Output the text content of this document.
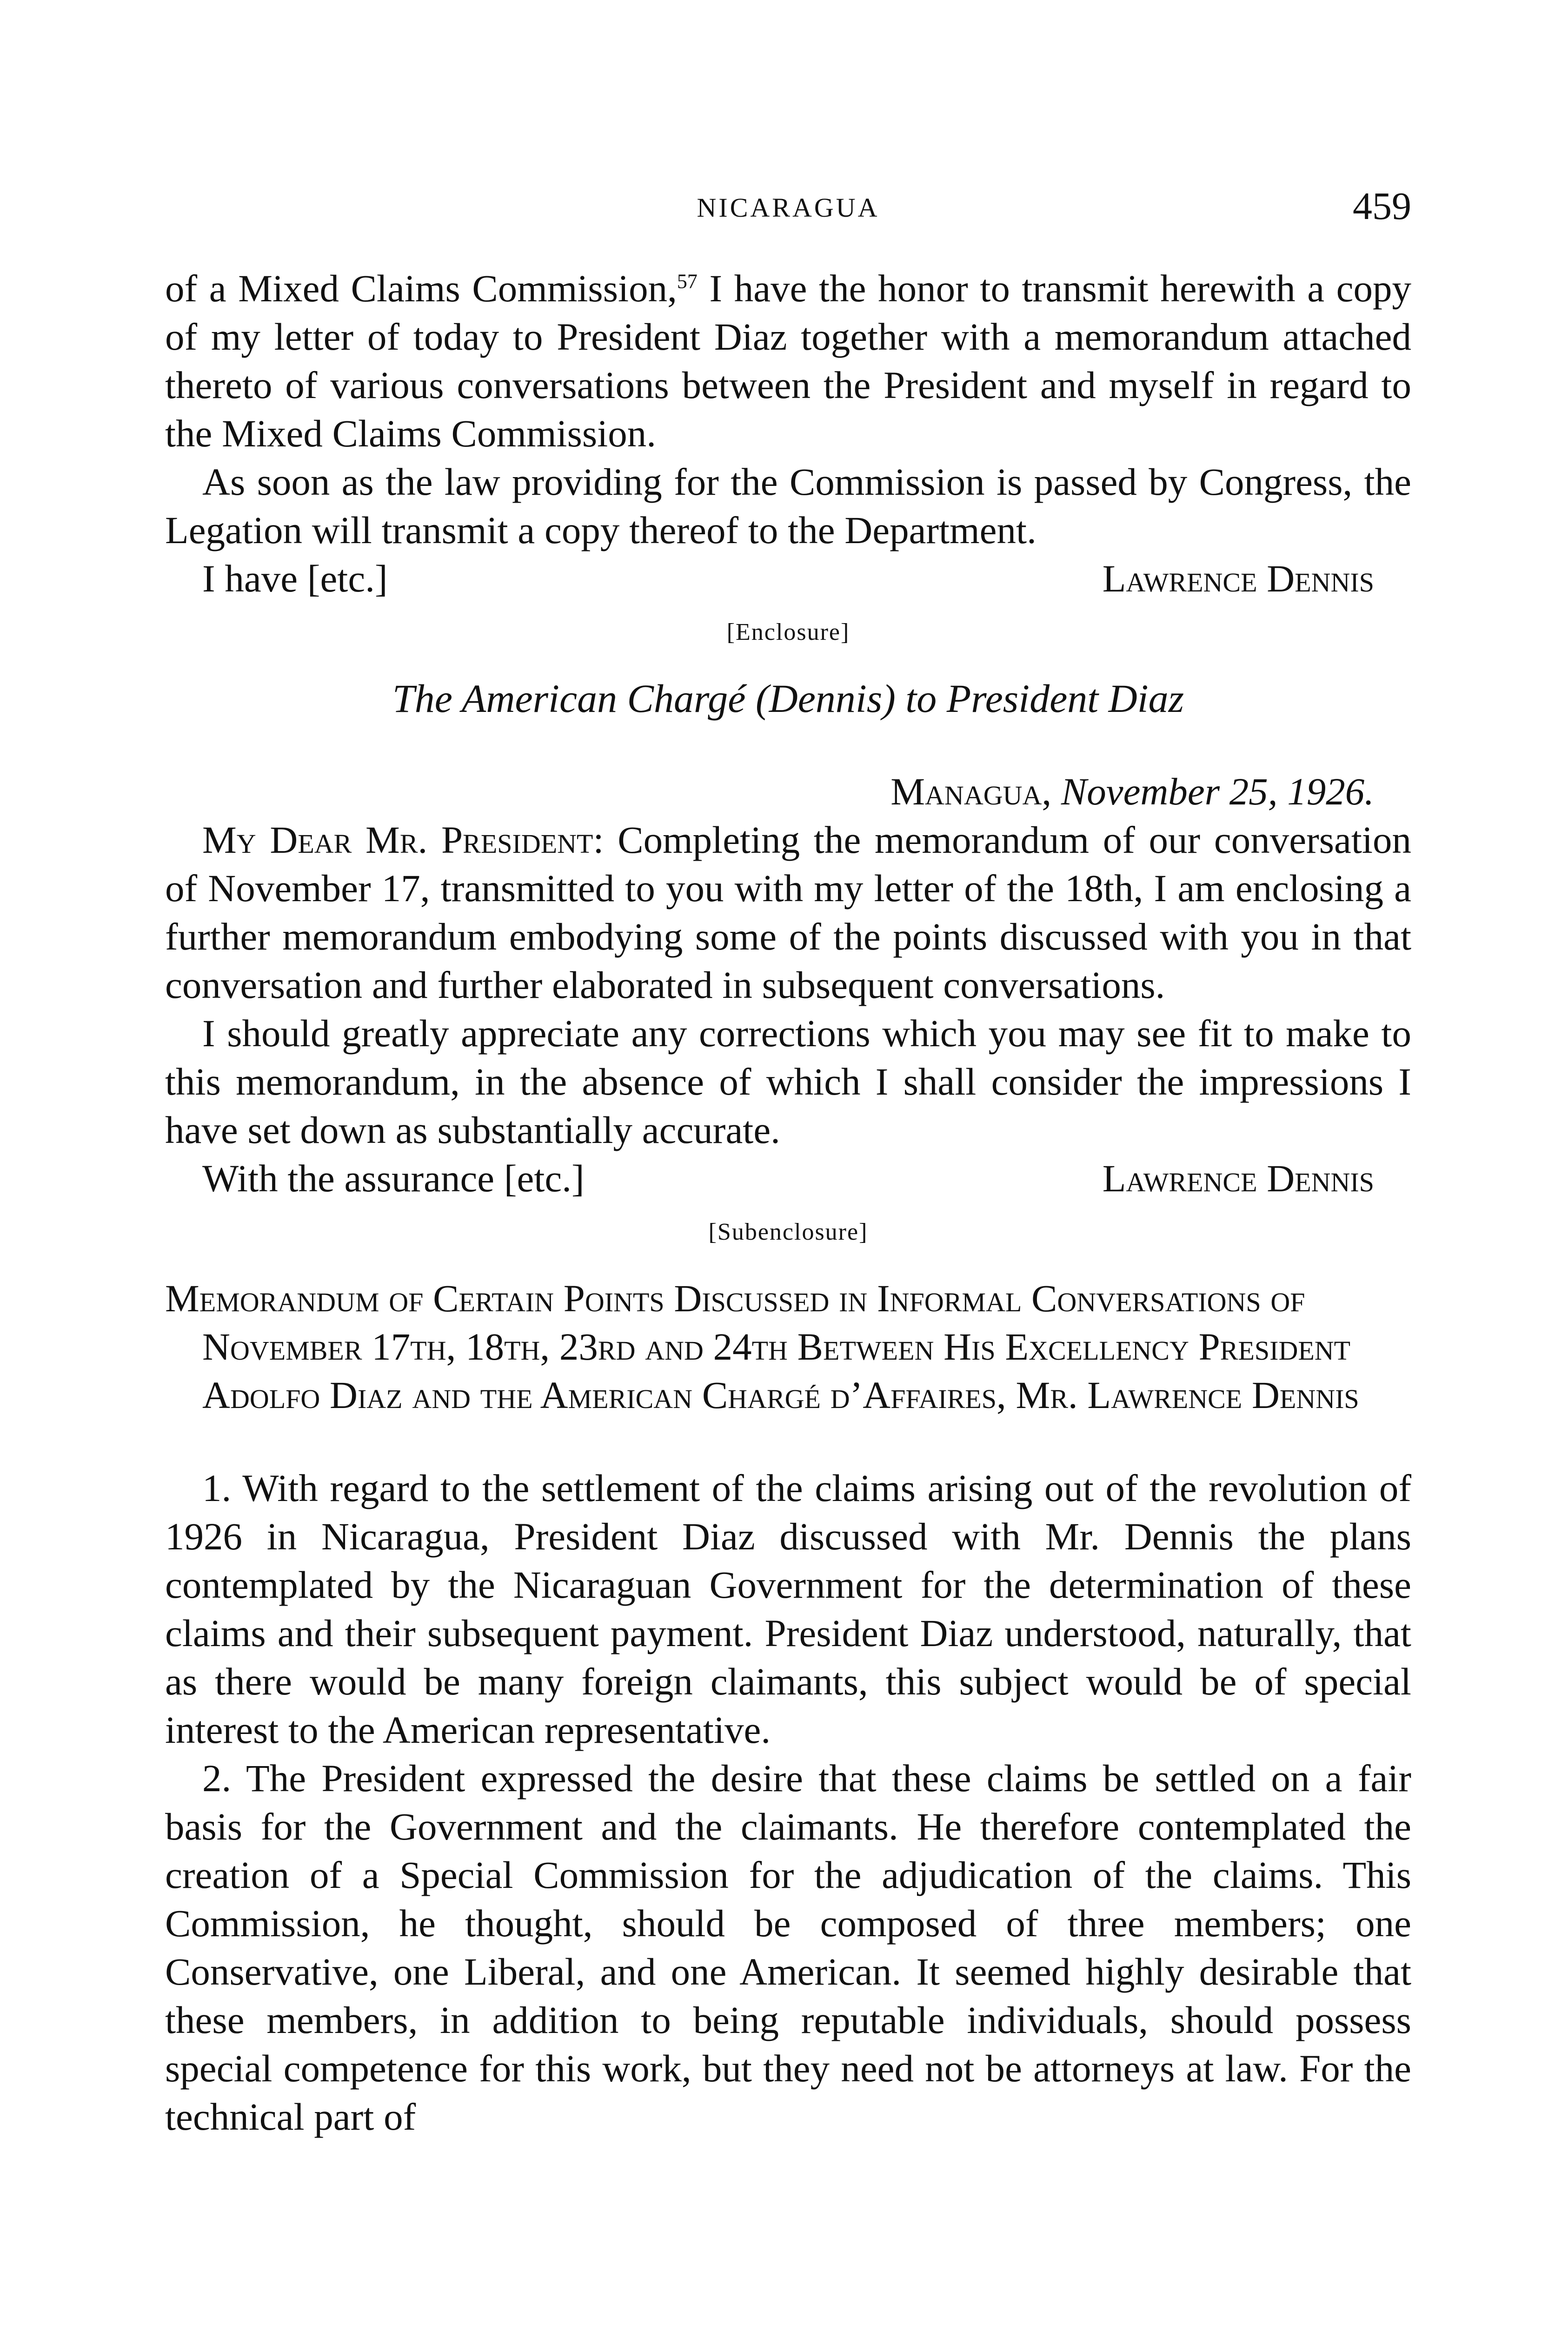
NICARAGUA	459

of a Mixed Claims Commission,$^{57}$ I have the honor to transmit herewith a copy of my letter of today to President Diaz together with a memorandum attached thereto of various conversations between the President and myself in regard to the Mixed Claims Commission.

As soon as the law providing for the Commission is passed by Congress, the Legation will transmit a copy thereof to the Department.

I have [etc.]	Lawrence Dennis
[Enclosure]
The American Chargé (Dennis) to President Diaz
Managua, November 25, 1926.

My Dear Mr. President: Completing the memorandum of our conversation of November 17, transmitted to you with my letter of the 18th, I am enclosing a further memorandum embodying some of the points discussed with you in that conversation and further elaborated in subsequent conversations.

I should greatly appreciate any corrections which you may see fit to make to this memorandum, in the absence of which I shall consider the impressions I have set down as substantially accurate.

With the assurance [etc.]	Lawrence Dennis
[Subenclosure]
Memorandum of Certain Points Discussed in Informal Conversations of November 17th, 18th, 23rd and 24th Between His Excellency President Adolfo Diaz and the American Chargé d’Affaires, Mr. Lawrence Dennis

1. With regard to the settlement of the claims arising out of the revolution of 1926 in Nicaragua, President Diaz discussed with Mr. Dennis the plans contemplated by the Nicaraguan Government for the determination of these claims and their subsequent payment. President Diaz understood, naturally, that as there would be many foreign claimants, this subject would be of special interest to the American representative.

2. The President expressed the desire that these claims be settled on a fair basis for the Government and the claimants. He therefore contemplated the creation of a Special Commission for the adjudication of the claims. This Commission, he thought, should be composed of three members; one Conservative, one Liberal, and one American. It seemed highly desirable that these members, in addition to being reputable individuals, should possess special competence for this work, but they need not be attorneys at law. For the technical part of
